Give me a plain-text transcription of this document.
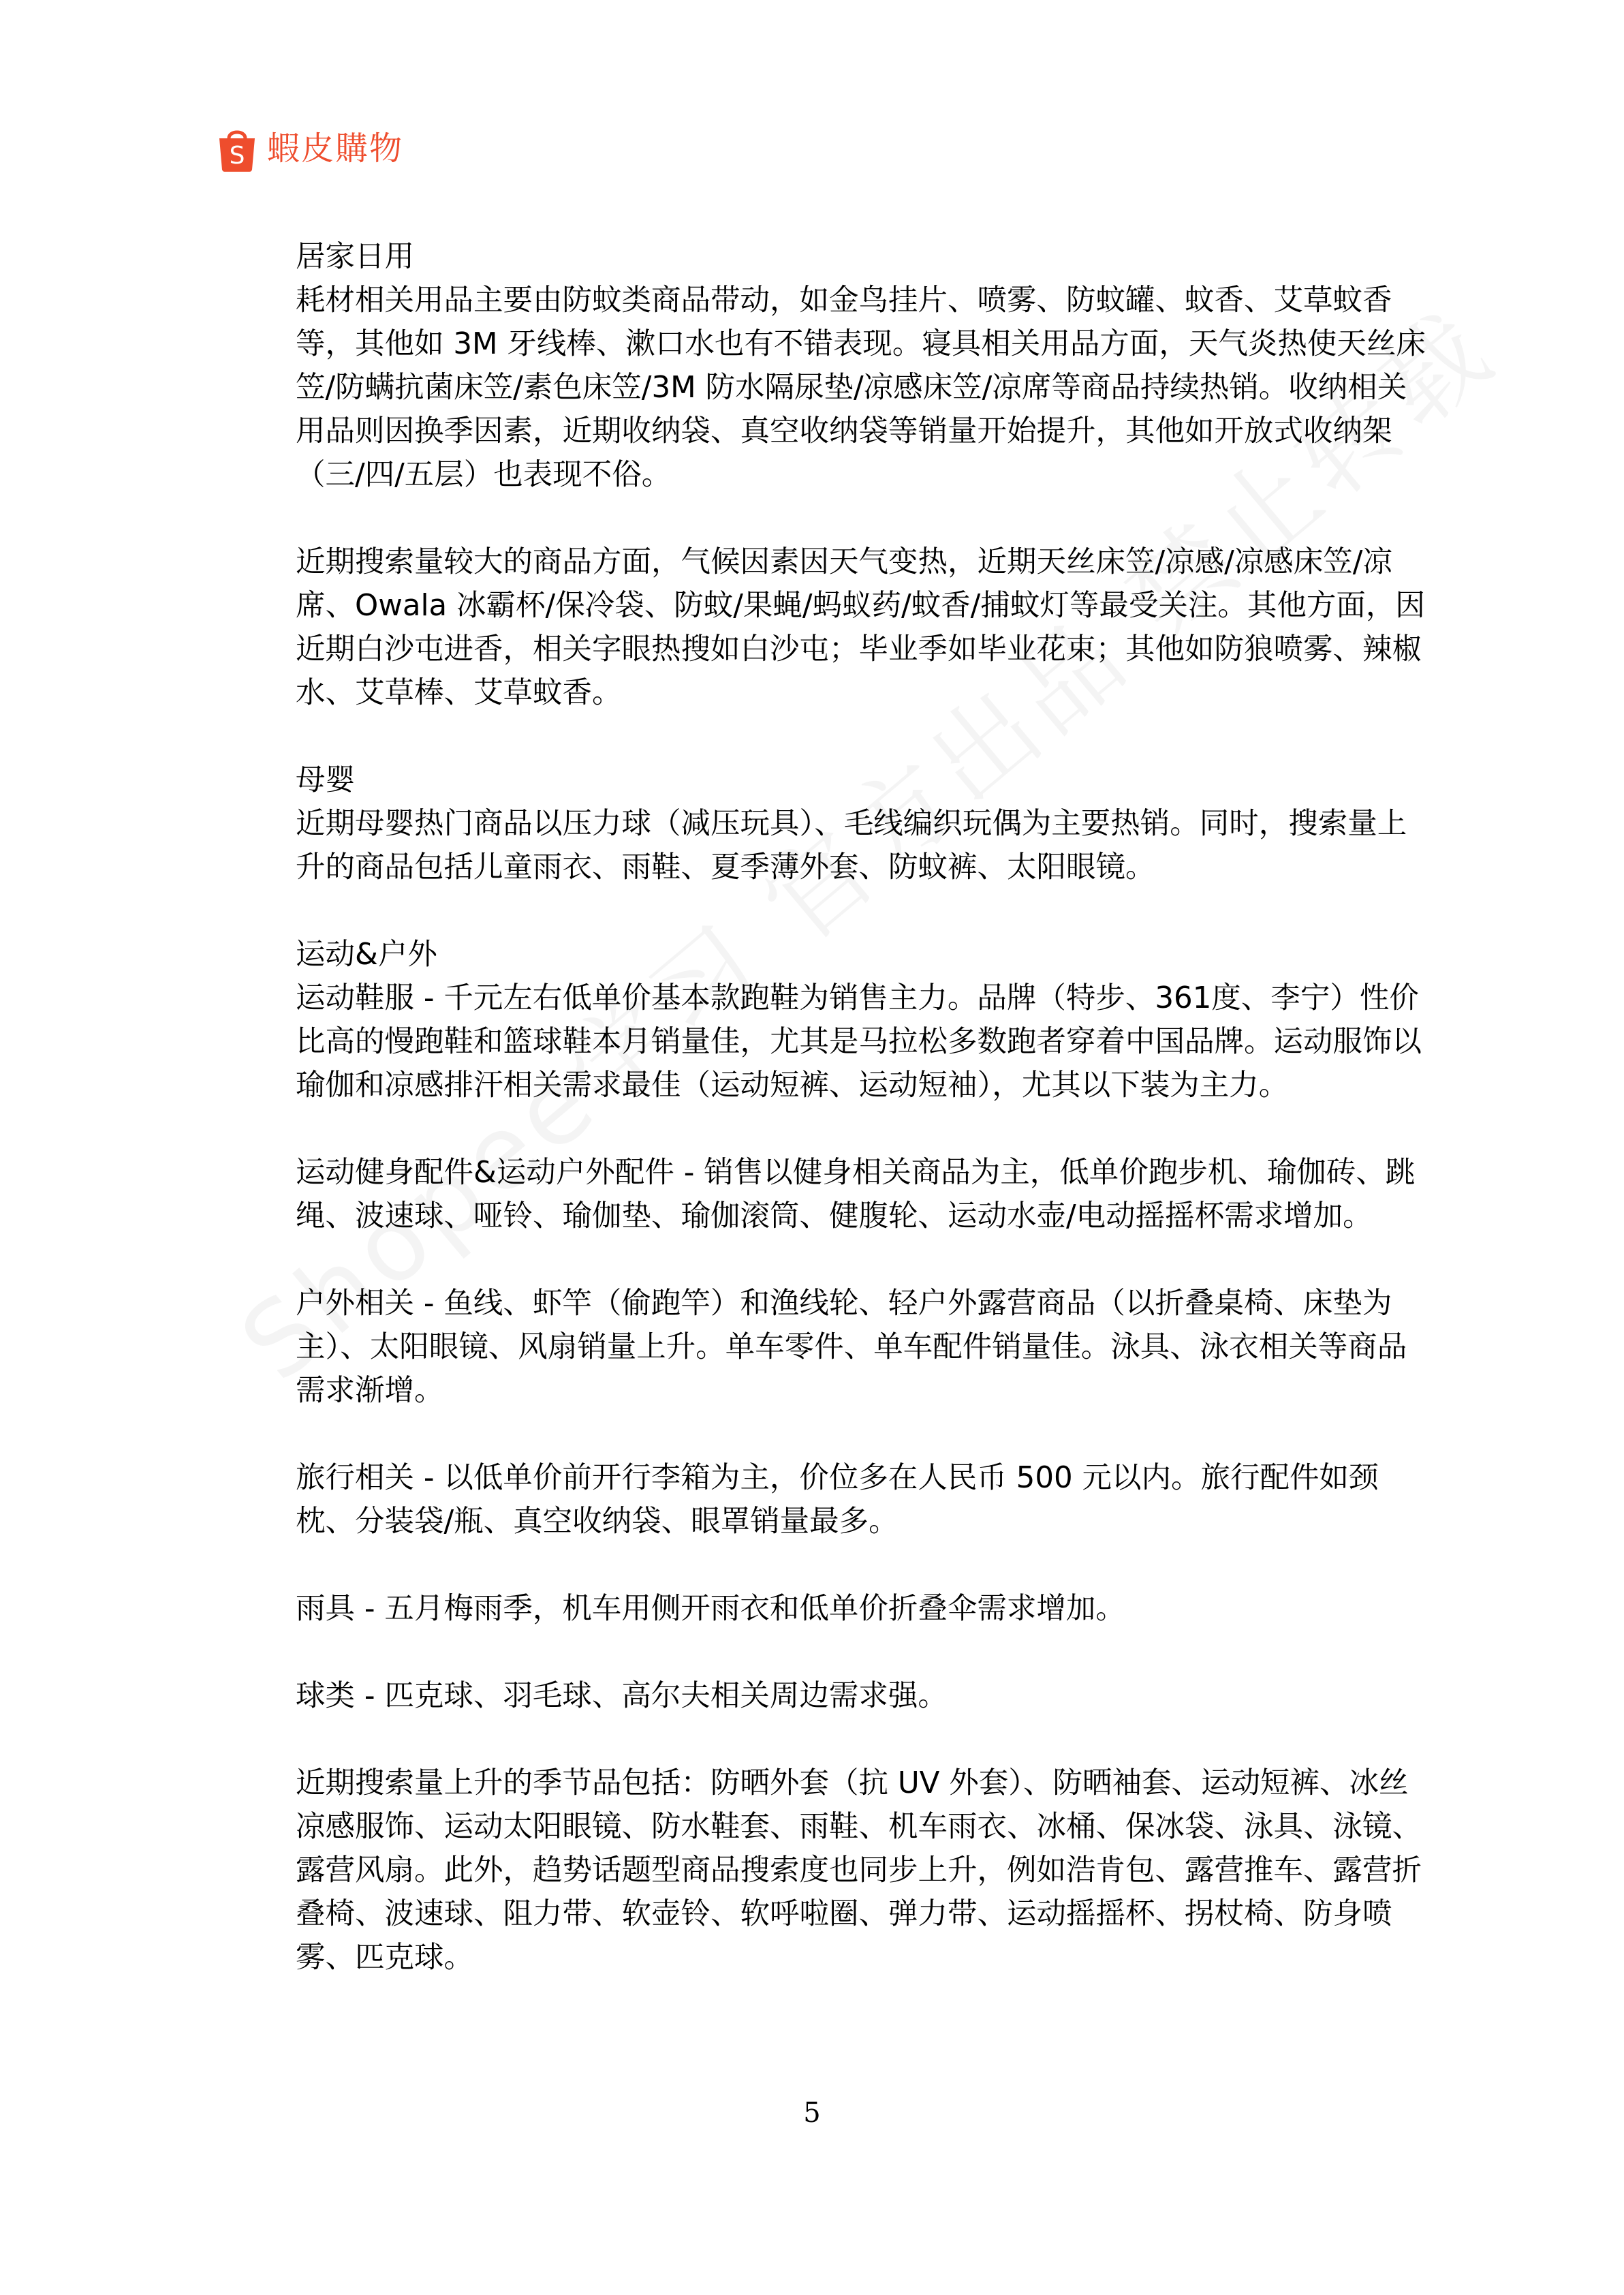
S 蝦皮購物

居家日用

耗材相关用品主要由防蚊类商品带动，如金鸟挂片、喷雾、防蚊罐、蚊香、艾草蚊香等，其他如 3M 牙线棒、漱口水也有不错表现。寝具相关用品方面，天气炎热使天丝床笠/防螨抗菌床笠/素色床笠/3M 防水隔尿垫/凉感床笠/凉席等商品持续热销。收纳相关用品则因换季因素，近期收纳袋、真空收纳袋等销量开始提升，其他如开放式收纳架（三/四/五层）也表现不俗。

近期搜索量较大的商品方面，气候因素因天气变热，近期天丝床笠/凉感/凉感床笠/凉席、Owala 冰霸杯/保冷袋、防蚊/果蝇/蚂蚁药/蚊香/捕蚊灯等最受关注。其他方面，因近期白沙屯进香，相关字眼热搜如白沙屯；毕业季如毕业花束；其他如防狼喷雾、辣椒水、艾草棒、艾草蚊香。

母婴

近期母婴热门商品以压力球（减压玩具）、毛线编织玩偶为主要热销。同时，搜索量上升的商品包括儿童雨衣、雨鞋、夏季薄外套、防蚊裤、太阳眼镜。

运动&户外

运动鞋服 - 千元左右低单价基本款跑鞋为销售主力。品牌（特步、361度、李宁）性价比高的慢跑鞋和篮球鞋本月销量佳，尤其是马拉松多数跑者穿着中国品牌。运动服饰以瑜伽和凉感排汗相关需求最佳（运动短裤、运动短袖），尤其以下装为主力。

运动健身配件&运动户外配件 - 销售以健身相关商品为主，低单价跑步机、瑜伽砖、跳绳、波速球、哑铃、瑜伽垫、瑜伽滚筒、健腹轮、运动水壶/电动摇摇杯需求增加。

户外相关 - 鱼线、虾竿（偷跑竿）和渔线轮、轻户外露营商品（以折叠桌椅、床垫为主）、太阳眼镜、风扇销量上升。单车零件、单车配件销量佳。泳具、泳衣相关等商品需求渐增。

旅行相关 - 以低单价前开行李箱为主，价位多在人民币 500 元以内。旅行配件如颈枕、分装袋/瓶、真空收纳袋、眼罩销量最多。

雨具 - 五月梅雨季，机车用侧开雨衣和低单价折叠伞需求增加。

球类 - 匹克球、羽毛球、高尔夫相关周边需求强。

近期搜索量上升的季节品包括：防晒外套（抗 UV 外套）、防晒袖套、运动短裤、冰丝凉感服饰、运动太阳眼镜、防水鞋套、雨鞋、机车雨衣、冰桶、保冰袋、泳具、泳镜、露营风扇。此外，趋势话题型商品搜索度也同步上升，例如浩肯包、露营推车、露营折叠椅、波速球、阻力带、软壶铃、软呼啦圈、弹力带、运动摇摇杯、拐杖椅、防身喷雾、匹克球。

5
